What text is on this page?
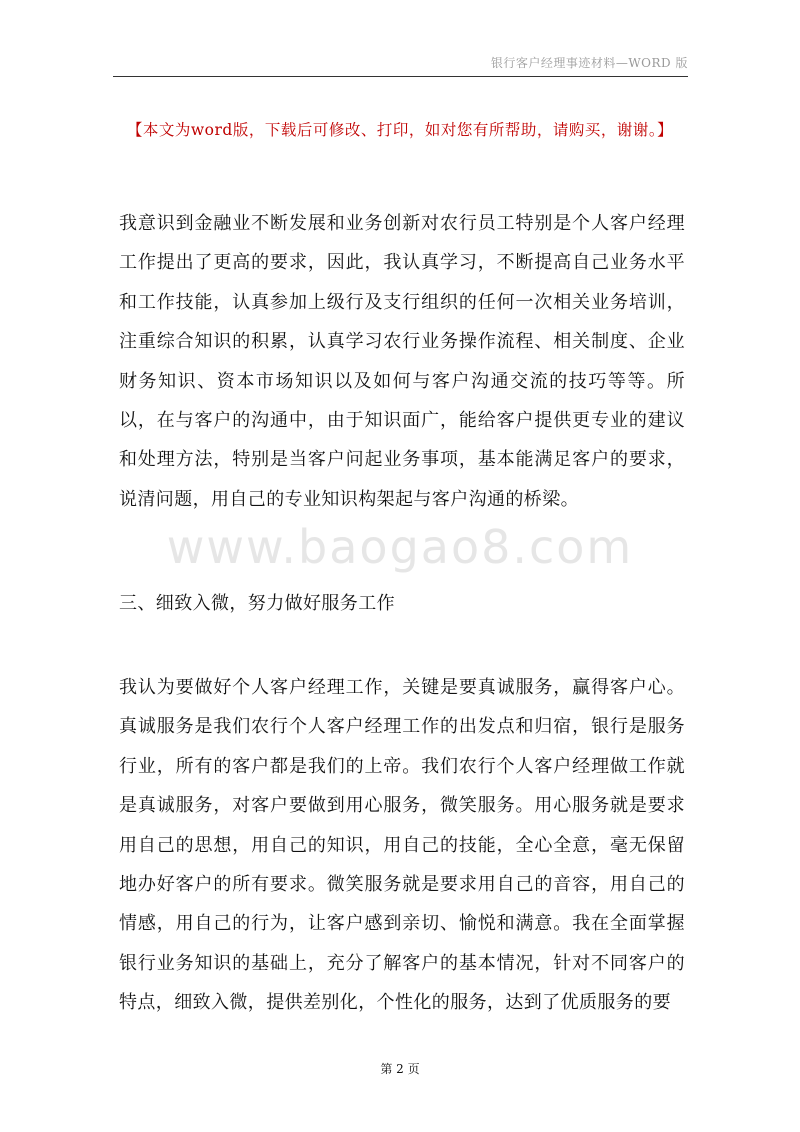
银行客户经理事迹材料—WORD 版
【本文为word版，下载后可修改、打印，如对您有所帮助，请购买，谢谢。】
www.baogao8.com

我意识到金融业不断发展和业务创新对农行员工特别是个人客户经理工作提出了更高的要求，因此，我认真学习，不断提高自己业务水平和工作技能，认真参加上级行及支行组织的任何一次相关业务培训，注重综合知识的积累，认真学习农行业务操作流程、相关制度、企业财务知识、资本市场知识以及如何与客户沟通交流的技巧等等。所以，在与客户的沟通中，由于知识面广，能给客户提供更专业的建议和处理方法，特别是当客户问起业务事项，基本能满足客户的要求，说清问题，用自己的专业知识构架起与客户沟通的桥梁。

三、细致入微，努力做好服务工作

我认为要做好个人客户经理工作，关键是要真诚服务，赢得客户心。真诚服务是我们农行个人客户经理工作的出发点和归宿，银行是服务行业，所有的客户都是我们的上帝。我们农行个人客户经理做工作就是真诚服务，对客户要做到用心服务，微笑服务。用心服务就是要求用自己的思想，用自己的知识，用自己的技能，全心全意，毫无保留地办好客户的所有要求。微笑服务就是要求用自己的音容，用自己的情感，用自己的行为，让客户感到亲切、愉悦和满意。我在全面掌握银行业务知识的基础上，充分了解客户的基本情况，针对不同客户的特点，细致入微，提供差别化，个性化的服务，达到了优质服务的要

第 2 页
